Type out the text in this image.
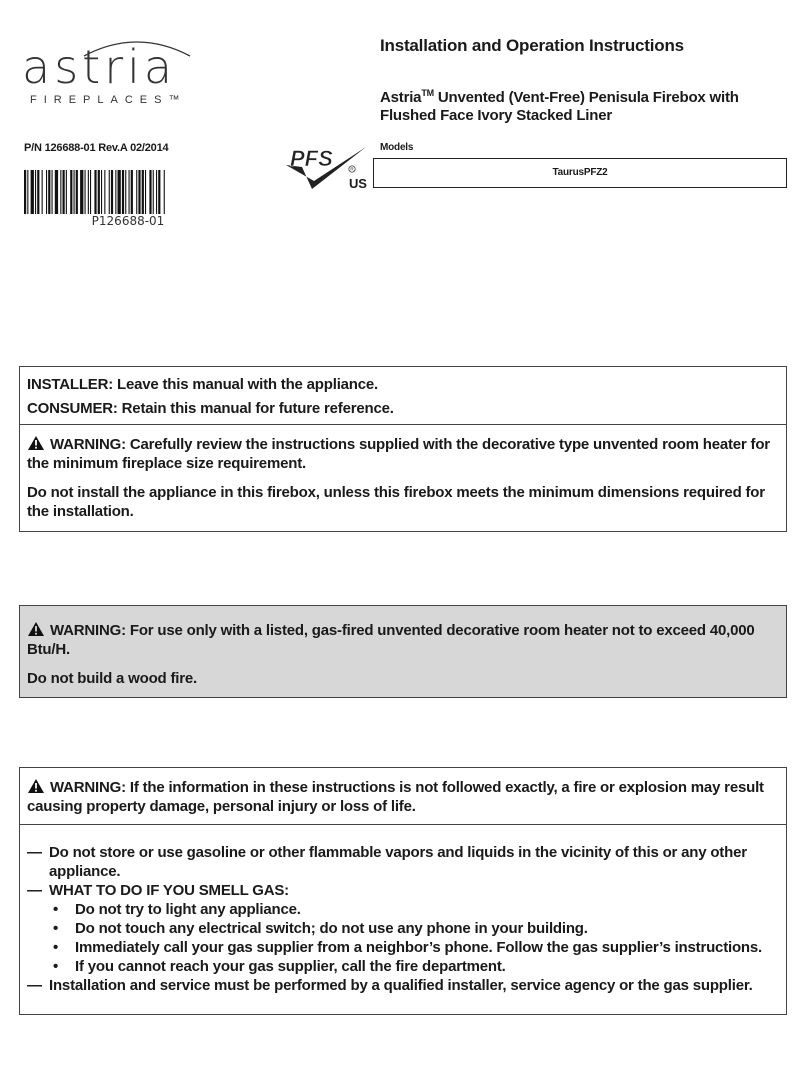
astria
FIREPLACES™
P/N 126688-01 Rev.A 02/2014
P126688-01
PFS	R
US
Installation and Operation Instructions
Astria™ Unvented (Vent-Free) Penisula Firebox with
Flushed Face Ivory Stacked Liner
Models
TaurusPFZ2

INSTALLER: Leave this manual with the appliance.

CONSUMER: Retain this manual for future reference.

WARNING: Carefully review the instructions supplied with the decorative type unvented room heater for the minimum fireplace size requirement.

Do not install the appliance in this firebox, unless this firebox meets the minimum dimensions required for the installation.

WARNING: For use only with a listed, gas-fired unvented decorative room heater not to exceed 40,000 Btu/H.

Do not build a wood fire.

WARNING: If the information in these instructions is not followed exactly, a fire or explosion may result causing property damage, personal injury or loss of life.

— Do not store or use gasoline or other flammable vapors and liquids in the vicinity of this or any other appliance.
— WHAT TO DO IF YOU SMELL GAS:
•	Do not try to light any appliance.
•	Do not touch any electrical switch; do not use any phone in your building.
•	Immediately call your gas supplier from a neighbor’s phone. Follow the gas supplier’s instructions.
•	If you cannot reach your gas supplier, call the fire department.
— Installation and service must be performed by a qualified installer, service agency or the gas supplier.
